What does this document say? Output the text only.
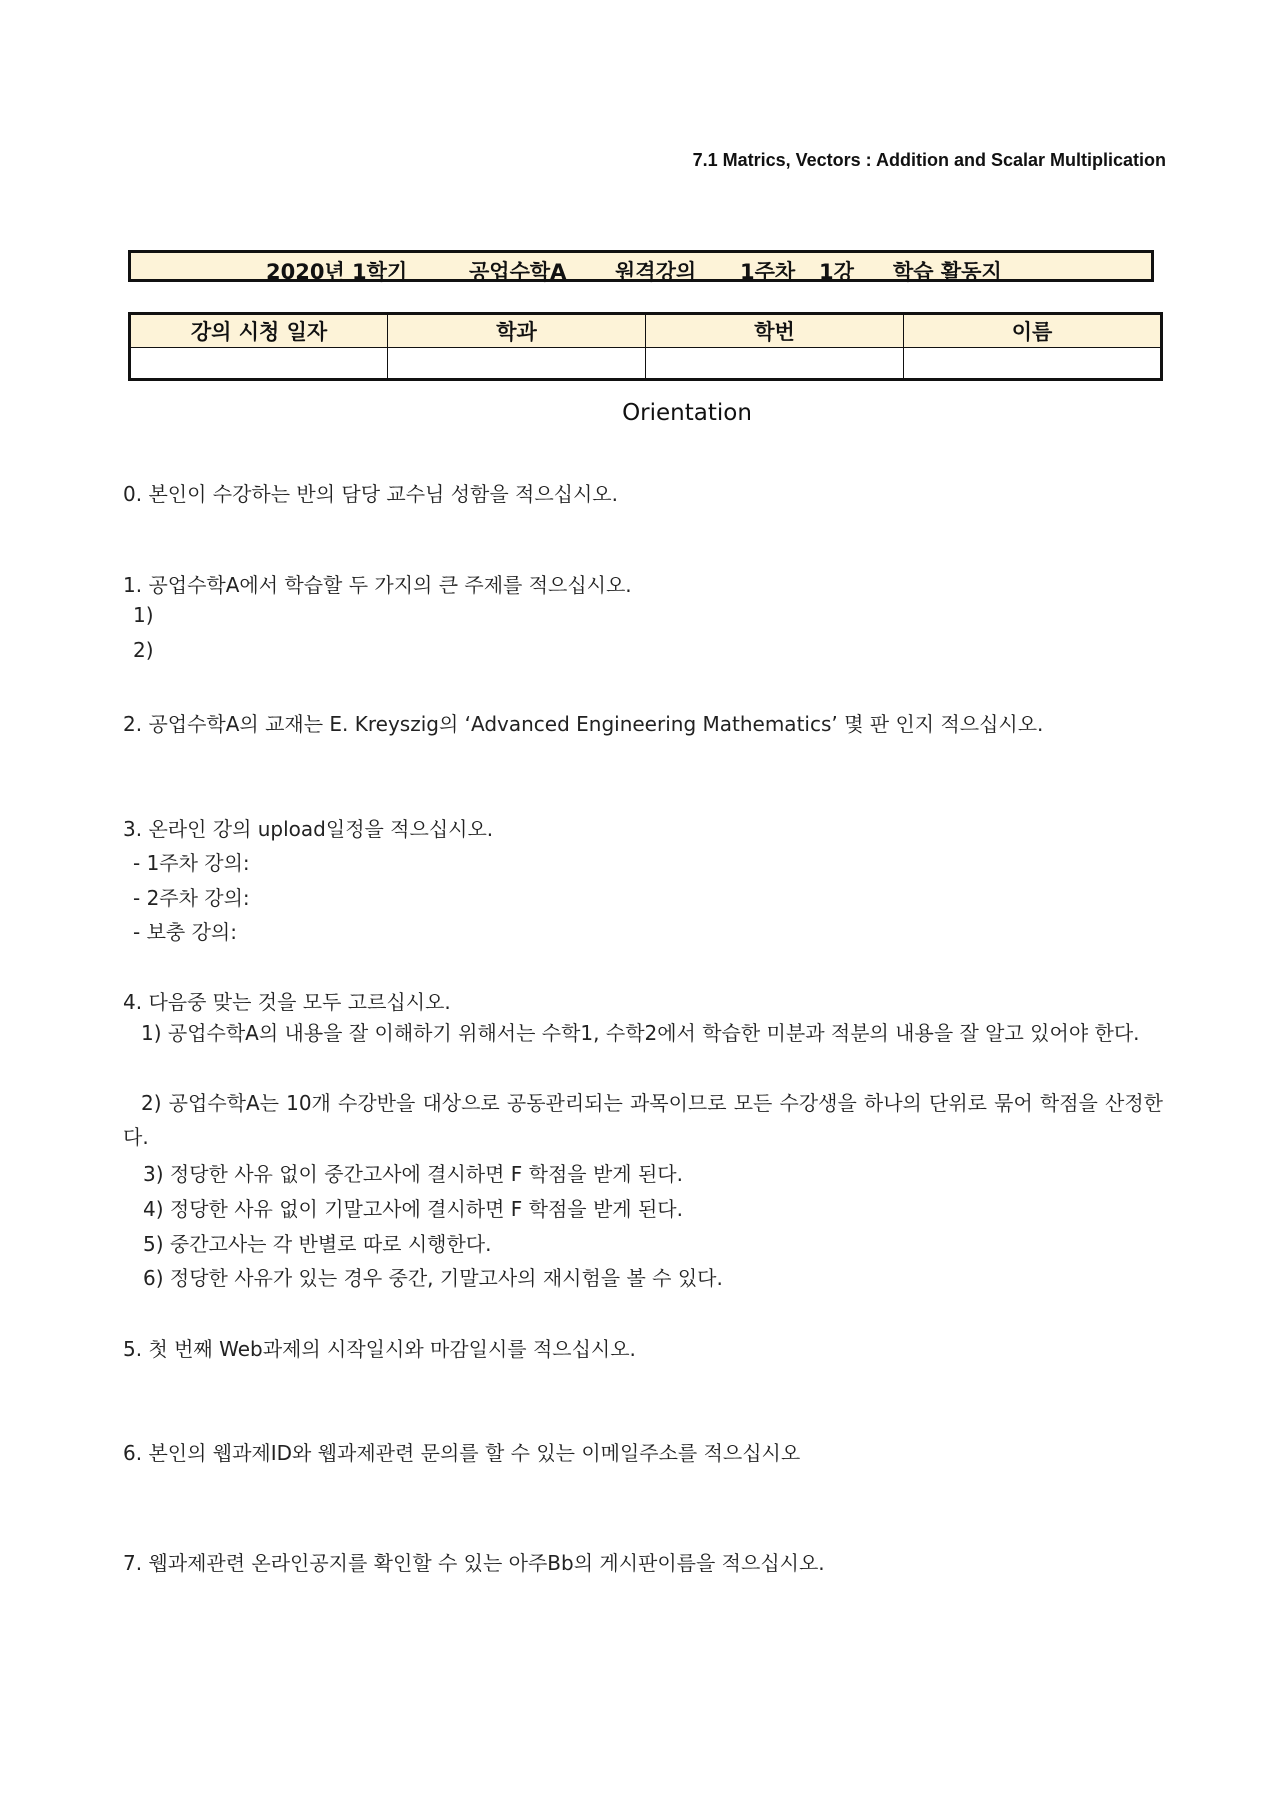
7.1 Matrics, Vectors : Addition and Scalar Multiplication
2020년 1학기	공업수학A 원격강의 1주차 1강 학습 활동지
강의 시청 일자	학과	학번	이름

Orientation
0. 본인이 수강하는 반의 담당 교수님 성함을 적으십시오.
1. 공업수학A에서 학습할 두 가지의 큰 주제를 적으십시오.
1)
2)
2. 공업수학A의 교재는 E. Kreyszig의 ‘Advanced Engineering Mathematics’ 몇 판 인지 적으십시오.
3. 온라인 강의 upload일정을 적으십시오.
- 1주차 강의:
- 2주차 강의:
- 보충 강의:
4. 다음중 맞는 것을 모두 고르십시오.
1) 공업수학A의 내용을 잘 이해하기 위해서는 수학1, 수학2에서 학습한 미분과 적분의 내용을 잘 알고 있어야 한다.
2) 공업수학A는 10개 수강반을 대상으로 공동관리되는 과목이므로 모든 수강생을 하나의 단위로 묶어 학점을 산정한다.
3) 정당한 사유 없이 중간고사에 결시하면 F 학점을 받게 된다.
4) 정당한 사유 없이 기말고사에 결시하면 F 학점을 받게 된다.
5) 중간고사는 각 반별로 따로 시행한다.
6) 정당한 사유가 있는 경우 중간, 기말고사의 재시험을 볼 수 있다.
5. 첫 번째 Web과제의 시작일시와 마감일시를 적으십시오.
6. 본인의 웹과제ID와 웹과제관련 문의를 할 수 있는 이메일주소를 적으십시오
7. 웹과제관련 온라인공지를 확인할 수 있는 아주Bb의 게시판이름을 적으십시오.
